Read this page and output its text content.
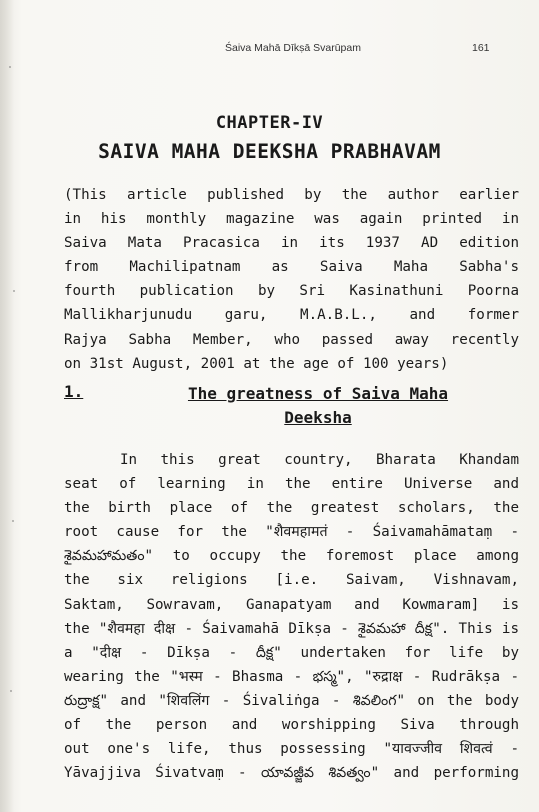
Śaiva Mahā Dīkṣā Svarūpam	161
CHAPTER-IV
SAIVA MAHA DEEKSHA PRABHAVAM
(This article published by the author earlier
in his monthly magazine was again printed in
Saiva Mata Pracasica in its 1937 AD edition
from Machilipatnam as Saiva Maha Sabha's
fourth publication by Sri Kasinathuni Poorna
Mallikharjunudu garu, M.A.B.L., and former
Rajya Sabha Member, who passed away recently
on 31st August, 2001 at the age of 100 years)
1.	The greatness of Saiva Maha Deeksha
In this great country, Bharata Khandam
seat of learning in the entire Universe and
the birth place of the greatest scholars, the
root cause for the "शैवमहामतं - Śaivamahāmataṃ -
శైవమహామతం" to occupy the foremost place among
the six religions [i.e. Saivam, Vishnavam,
Saktam, Sowravam, Ganapatyam and Kowmaram] is
the "शैवमहा दीक्ष - Śaivamahā Dīkṣa - శైవమహా దీక్ష". This is
a "दीक्ष - Dīkṣa - దీక్ష" undertaken for life by
wearing the "भस्म - Bhasma - భస్మ", "रुद्राक्ष - Rudrākṣa -
రుద్రాక్ష" and "शिवलिंग - Śivaliṅga - శివలింగ" on the body
of the person and worshipping Siva through
out one's life, thus possessing "यावज्जीव शिवत्वं -
Yāvajjiva Śivatvaṃ - యావజ్జీవ శివత్వం" and performing
